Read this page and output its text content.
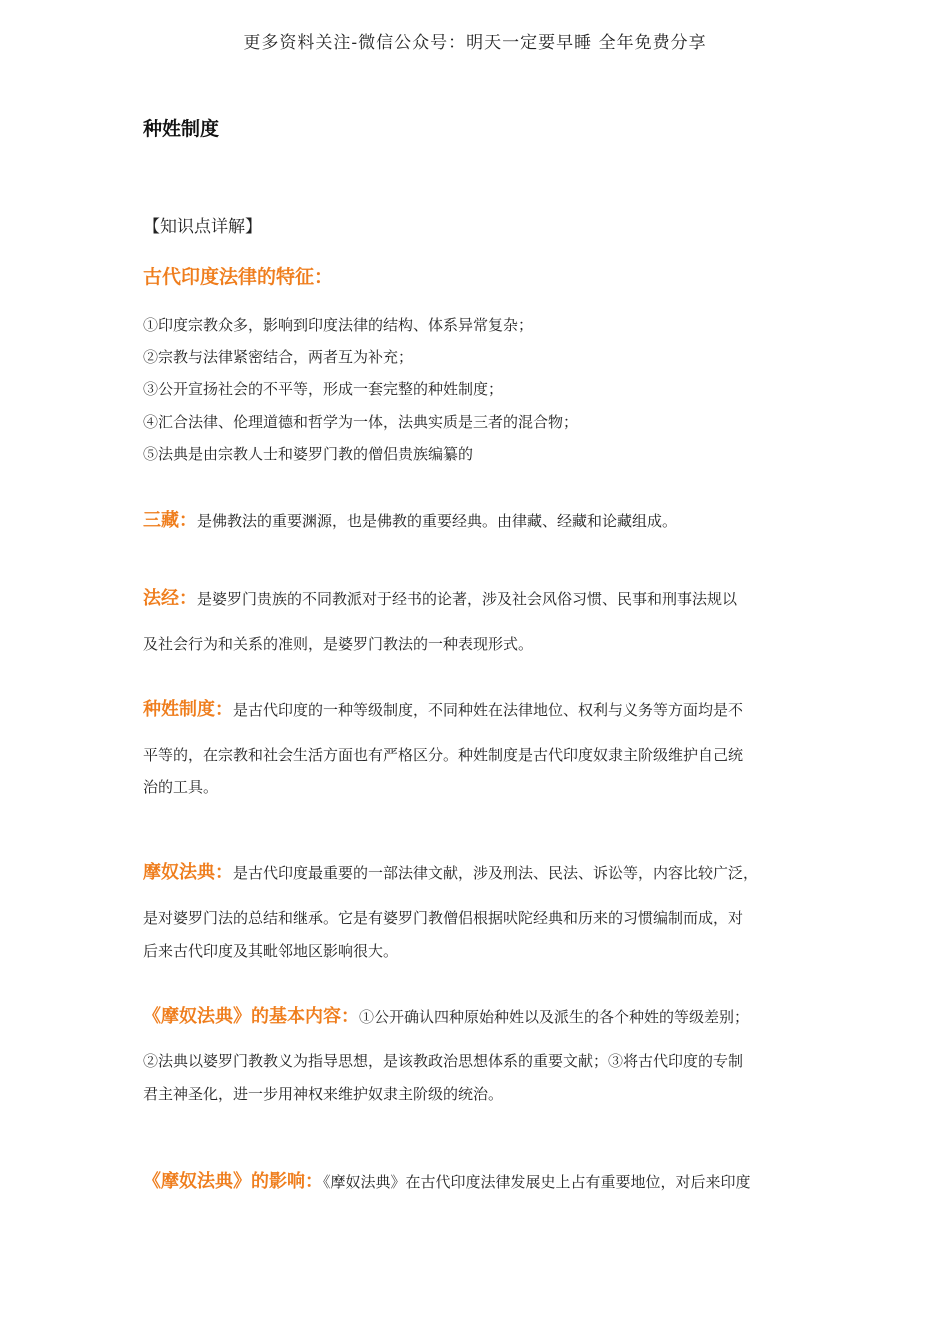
更多资料关注-微信公众号：明天一定要早睡 全年免费分享
种姓制度
【知识点详解】
古代印度法律的特征：
①印度宗教众多，影响到印度法律的结构、体系异常复杂；
②宗教与法律紧密结合，两者互为补充；
③公开宣扬社会的不平等，形成一套完整的种姓制度；
④汇合法律、伦理道德和哲学为一体，法典实质是三者的混合物；
⑤法典是由宗教人士和婆罗门教的僧侣贵族编纂的
三藏：是佛教法的重要渊源，也是佛教的重要经典。由律藏、经藏和论藏组成。
法经：是婆罗门贵族的不同教派对于经书的论著，涉及社会风俗习惯、民事和刑事法规以
及社会行为和关系的准则，是婆罗门教法的一种表现形式。
种姓制度：是古代印度的一种等级制度，不同种姓在法律地位、权利与义务等方面均是不
平等的，在宗教和社会生活方面也有严格区分。种姓制度是古代印度奴隶主阶级维护自己统
治的工具。
摩奴法典：是古代印度最重要的一部法律文献，涉及刑法、民法、诉讼等，内容比较广泛，
是对婆罗门法的总结和继承。它是有婆罗门教僧侣根据吠陀经典和历来的习惯编制而成，对
后来古代印度及其毗邻地区影响很大。
《摩奴法典》的基本内容：①公开确认四种原始种姓以及派生的各个种姓的等级差别；
②法典以婆罗门教教义为指导思想，是该教政治思想体系的重要文献；③将古代印度的专制
君主神圣化，进一步用神权来维护奴隶主阶级的统治。
《摩奴法典》的影响：《摩奴法典》在古代印度法律发展史上占有重要地位，对后来印度
